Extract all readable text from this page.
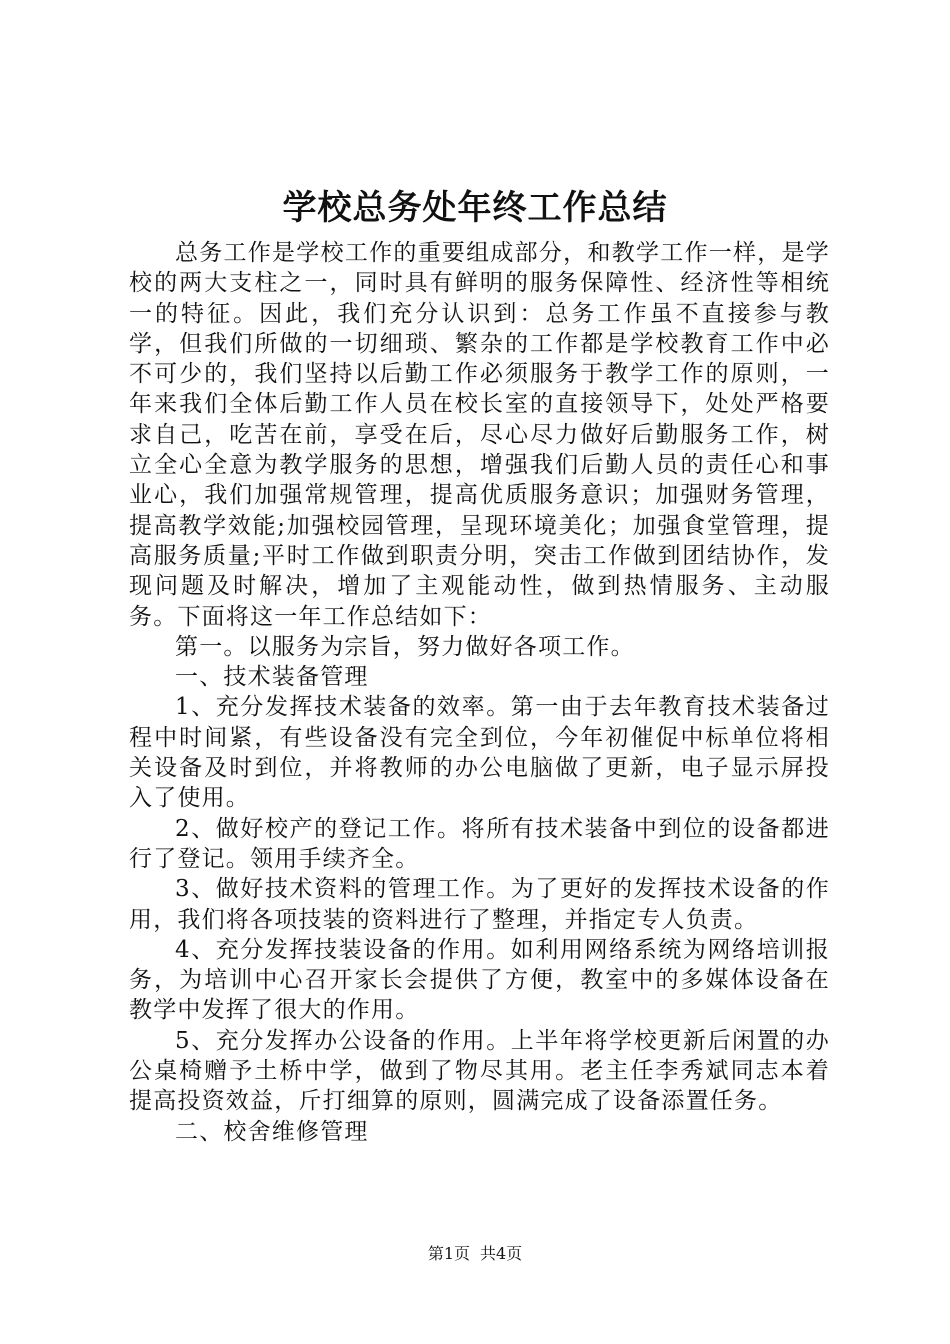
学校总务处年终工作总结

总务工作是学校工作的重要组成部分，和教学工作一样，是学校的两大支柱之一，同时具有鲜明的服务保障性、经济性等相统一的特征。因此，我们充分认识到：总务工作虽不直接参与教学，但我们所做的一切细琐、繁杂的工作都是学校教育工作中必不可少的，我们坚持以后勤工作必须服务于教学工作的原则，一年来我们全体后勤工作人员在校长室的直接领导下，处处严格要求自己，吃苦在前，享受在后，尽心尽力做好后勤服务工作，树立全心全意为教学服务的思想，增强我们后勤人员的责任心和事业心，我们加强常规管理，提高优质服务意识；加强财务管理，提高教学效能;加强校园管理，呈现环境美化；加强食堂管理，提高服务质量;平时工作做到职责分明，突击工作做到团结协作，发现问题及时解决，增加了主观能动性，做到热情服务、主动服务。下面将这一年工作总结如下：

第一。以服务为宗旨，努力做好各项工作。

一、技术装备管理

1、充分发挥技术装备的效率。第一由于去年教育技术装备过程中时间紧，有些设备没有完全到位，今年初催促中标单位将相关设备及时到位，并将教师的办公电脑做了更新，电子显示屏投入了使用。

2、做好校产的登记工作。将所有技术装备中到位的设备都进行了登记。领用手续齐全。

3、做好技术资料的管理工作。为了更好的发挥技术设备的作用，我们将各项技装的资料进行了整理，并指定专人负责。

4、充分发挥技装设备的作用。如利用网络系统为网络培训报务，为培训中心召开家长会提供了方便，教室中的多媒体设备在教学中发挥了很大的作用。

5、充分发挥办公设备的作用。上半年将学校更新后闲置的办公桌椅赠予土桥中学，做到了物尽其用。老主任李秀斌同志本着提高投资效益，斤打细算的原则，圆满完成了设备添置任务。

二、校舍维修管理

第1页 共4页
